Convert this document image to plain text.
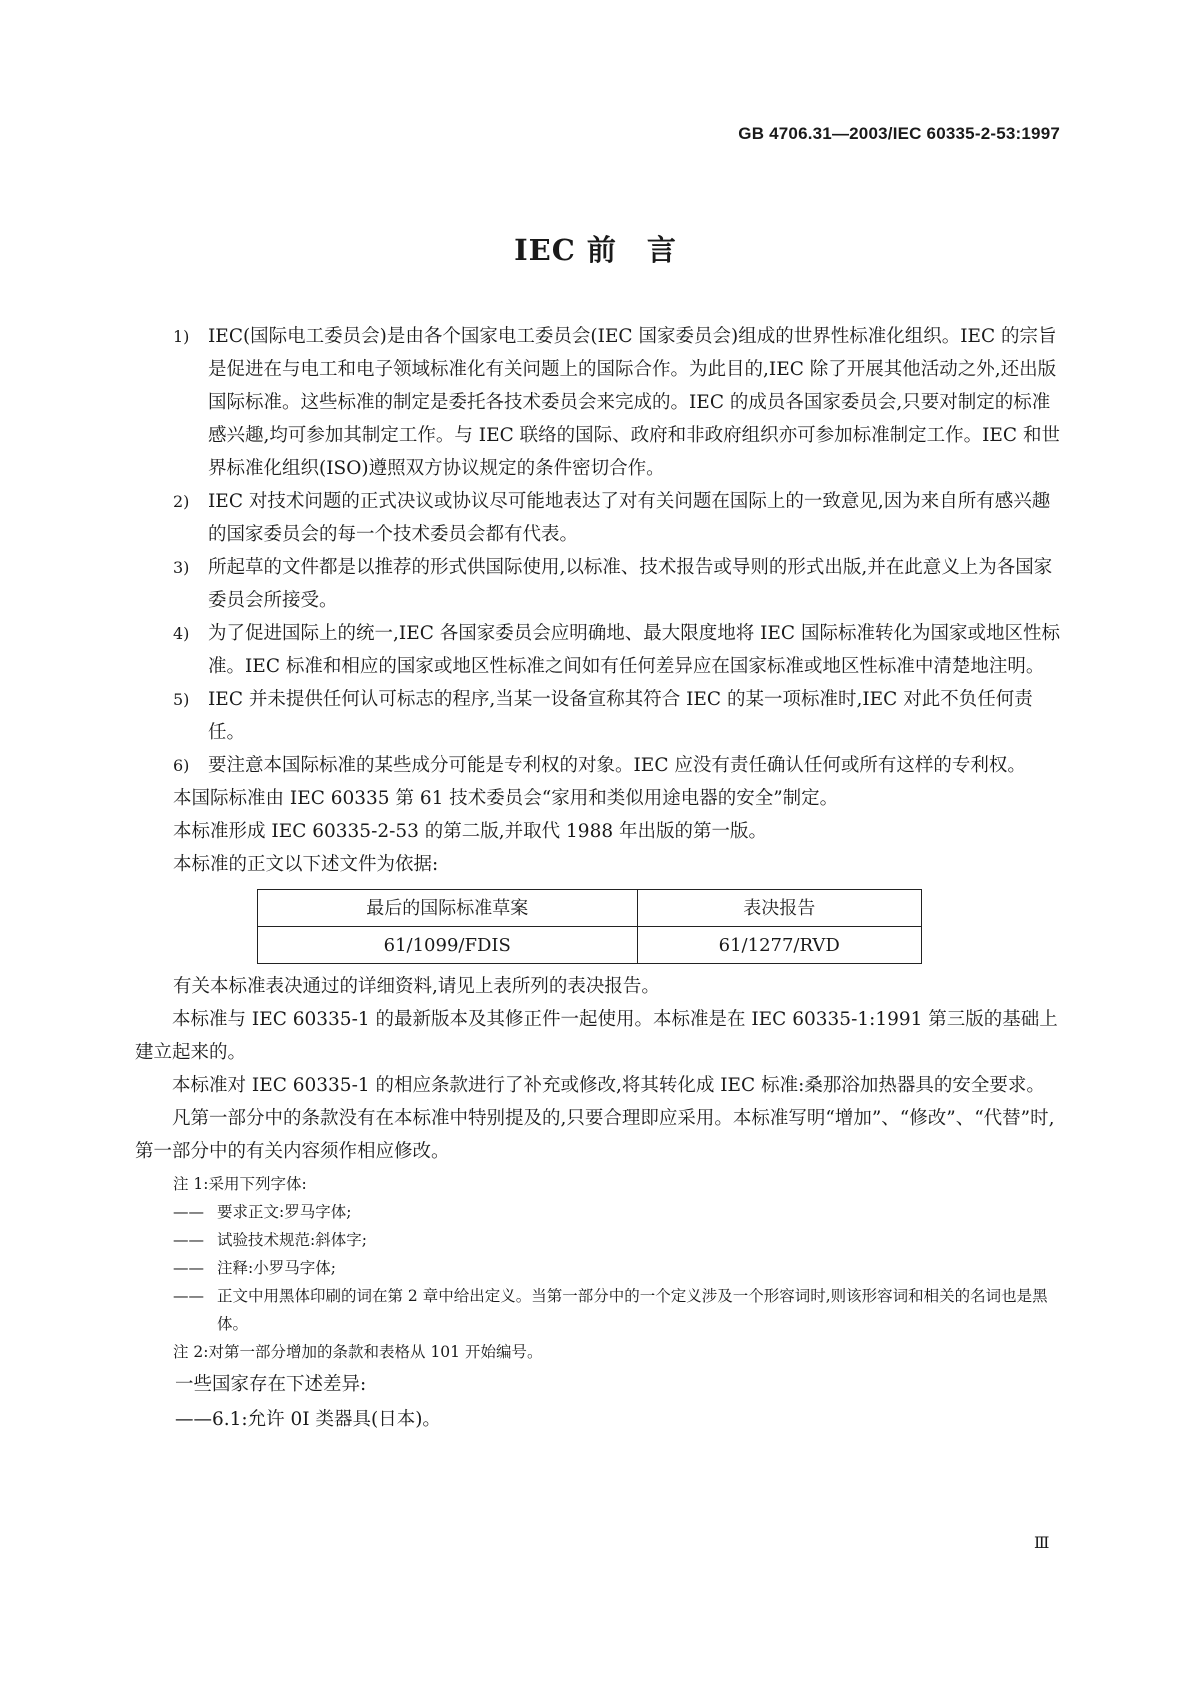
GB 4706.31—2003/IEC 60335-2-53:1997
IEC 前　言
1) IEC(国际电工委员会)是由各个国家电工委员会(IEC 国家委员会)组成的世界性标准化组织。IEC 的宗旨是促进在与电工和电子领域标准化有关问题上的国际合作。为此目的,IEC 除了开展其他活动之外,还出版国际标准。这些标准的制定是委托各技术委员会来完成的。IEC 的成员各国家委员会,只要对制定的标准感兴趣,均可参加其制定工作。与 IEC 联络的国际、政府和非政府组织亦可参加标准制定工作。IEC 和世界标准化组织(ISO)遵照双方协议规定的条件密切合作。
2) IEC 对技术问题的正式决议或协议尽可能地表达了对有关问题在国际上的一致意见,因为来自所有感兴趣的国家委员会的每一个技术委员会都有代表。
3) 所起草的文件都是以推荐的形式供国际使用,以标准、技术报告或导则的形式出版,并在此意义上为各国家委员会所接受。
4) 为了促进国际上的统一,IEC 各国家委员会应明确地、最大限度地将 IEC 国际标准转化为国家或地区性标准。IEC 标准和相应的国家或地区性标准之间如有任何差异应在国家标准或地区性标准中清楚地注明。
5) IEC 并未提供任何认可标志的程序,当某一设备宣称其符合 IEC 的某一项标准时,IEC 对此不负任何责任。
6) 要注意本国际标准的某些成分可能是专利权的对象。IEC 应没有责任确认任何或所有这样的专利权。
本国际标准由 IEC 60335 第 61 技术委员会“家用和类似用途电器的安全”制定。
本标准形成 IEC 60335-2-53 的第二版,并取代 1988 年出版的第一版。
本标准的正文以下述文件为依据:
最后的国际标准草案	表决报告
61/1099/FDIS	61/1277/RVD
有关本标准表决通过的详细资料,请见上表所列的表决报告。
本标准与 IEC 60335-1 的最新版本及其修正件一起使用。本标准是在 IEC 60335-1:1991 第三版的基础上建立起来的。
本标准对 IEC 60335-1 的相应条款进行了补充或修改,将其转化成 IEC 标准:桑那浴加热器具的安全要求。
凡第一部分中的条款没有在本标准中特别提及的,只要合理即应采用。本标准写明“增加”、“修改”、“代替”时,第一部分中的有关内容须作相应修改。
注 1:采用下列字体:
—— 要求正文:罗马字体;
—— 试验技术规范:斜体字;
—— 注释:小罗马字体;
—— 正文中用黑体印刷的词在第 2 章中给出定义。当第一部分中的一个定义涉及一个形容词时,则该形容词和相关的名词也是黑体。
注 2:对第一部分增加的条款和表格从 101 开始编号。
一些国家存在下述差异:
——6.1:允许 0I 类器具(日本)。
Ⅲ
